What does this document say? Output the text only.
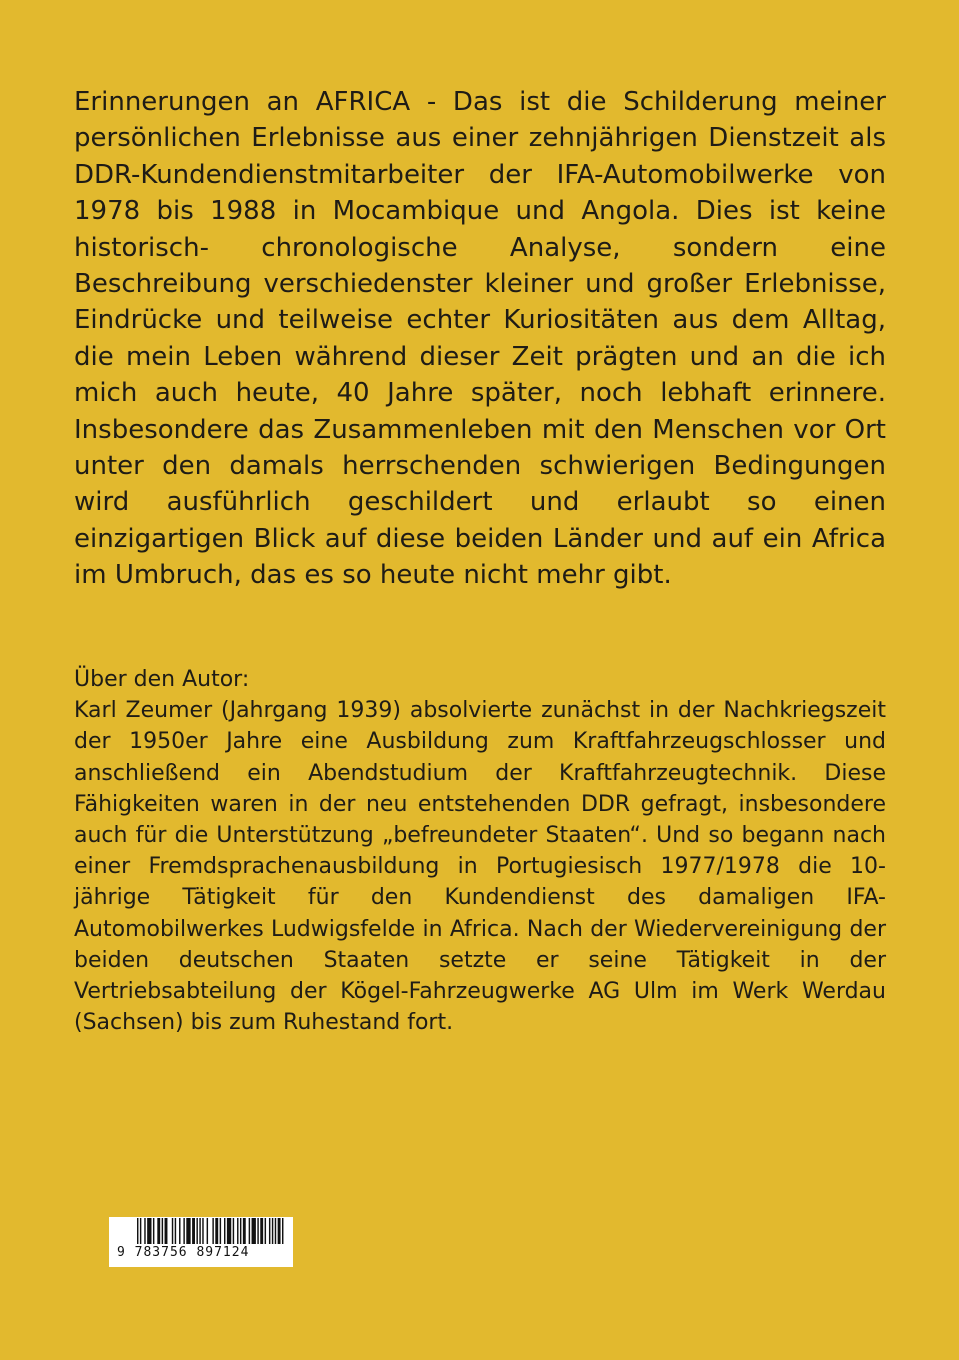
Erinnerungen an AFRICA - Das ist die Schilderung meiner persönlichen Erlebnisse aus einer zehnjährigen Dienstzeit als DDR-Kundendienstmitarbeiter der IFA-Automobilwerke von 1978 bis 1988 in Mocambique und Angola. Dies ist keine historisch- chronologische Analyse, sondern eine Beschreibung verschiedenster kleiner und großer Erlebnisse, Eindrücke und teilweise echter Kuriositäten aus dem Alltag, die mein Leben während dieser Zeit prägten und an die ich mich auch heute, 40 Jahre später, noch lebhaft erinnere. Insbesondere das Zusammenleben mit den Menschen vor Ort unter den damals herrschenden schwierigen Bedingungen wird ausführlich geschildert und erlaubt so einen einzigartigen Blick auf diese beiden Länder und auf ein Africa im Umbruch, das es so heute nicht mehr gibt.

Über den Autor:

Karl Zeumer (Jahrgang 1939) absolvierte zunächst in der Nachkriegszeit der 1950er Jahre eine Ausbildung zum Kraftfahrzeugschlosser und anschließend ein Abendstudium der Kraftfahrzeugtechnik. Diese Fähigkeiten waren in der neu entstehenden DDR gefragt, insbesondere auch für die Unterstützung „befreundeter Staaten“. Und so begann nach einer Fremdsprachenausbildung in Portugiesisch 1977/1978 die 10-jährige Tätigkeit für den Kundendienst des damaligen IFA- Automobilwerkes Ludwigsfelde in Africa. Nach der Wiedervereinigung der beiden deutschen Staaten setzte er seine Tätigkeit in der Vertriebsabteilung der Kögel-Fahrzeugwerke AG Ulm im Werk Werdau (Sachsen) bis zum Ruhestand fort.

9 783756 897124
